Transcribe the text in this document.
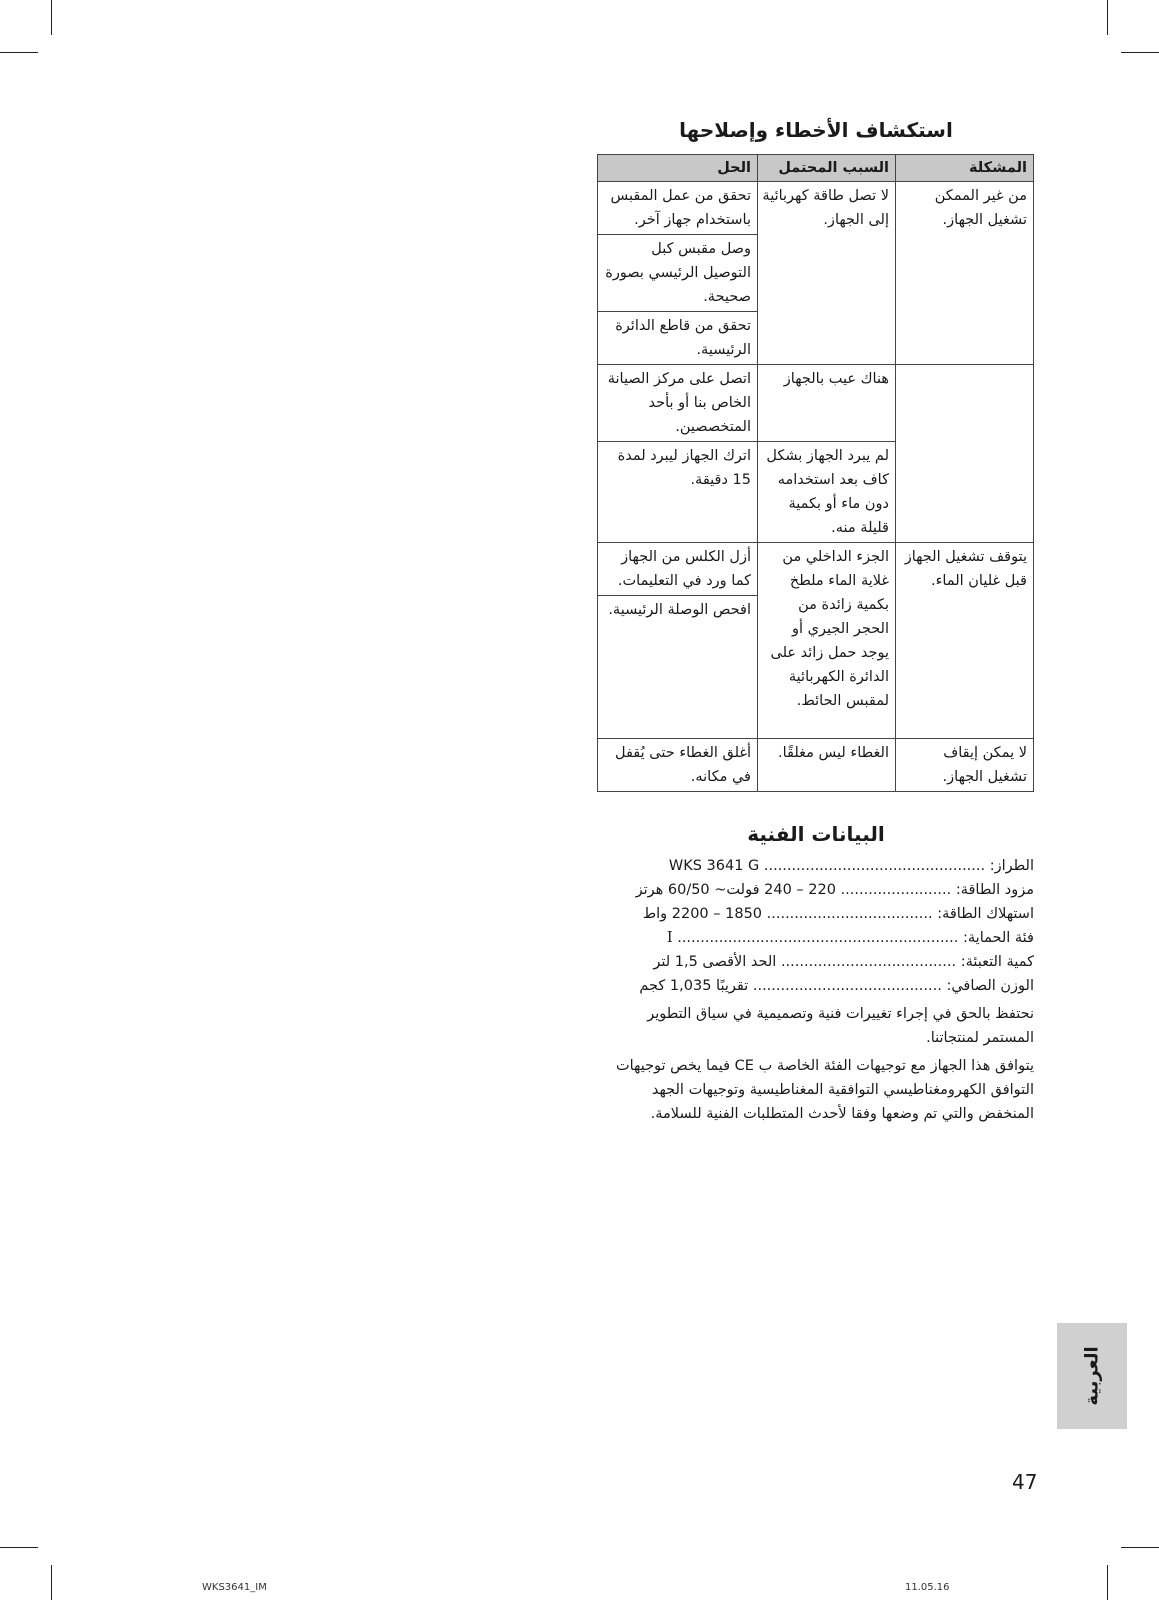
استكشاف الأخطاء وإصلاحها
المشكلة	السبب المحتمل	الحل
من غير الممكن تشغيل الجهاز.	لا تصل طاقة كهربائية إلى الجهاز.	تحقق من عمل المقبس باستخدام جهاز آخر.
		وصل مقبس كبل التوصيل الرئيسي بصورة صحيحة.
		تحقق من قاطع الدائرة الرئيسية.
	هناك عيب بالجهاز	اتصل على مركز الصيانة الخاص بنا أو بأحد المتخصصين.
	لم يبرد الجهاز بشكل كاف بعد استخدامه دون ماء أو بكمية قليلة منه.	اترك الجهاز ليبرد لمدة 15 دقيقة.
يتوقف تشغيل الجهاز قبل غليان الماء.	الجزء الداخلي من غلاية الماء ملطخ بكمية زائدة من الحجر الجيري أو يوجد حمل زائد على الدائرة الكهربائية لمقبس الحائط.	أزل الكلس من الجهاز كما ورد في التعليمات.
		افحص الوصلة الرئيسية.
لا يمكن إيقاف تشغيل الجهاز.	الغطاء ليس مغلقًا.	أغلق الغطاء حتى يُقفل في مكانه.
البيانات الفنية
الطراز: ................................................ WKS 3641 G
مزود الطاقة: ........................ 220 – 240 فولت~ 60/50 هرتز
استهلاك الطاقة: .................................... 1850 – 2200 واط
فئة الحماية: ............................................................. I
كمية التعبئة: ...................................... الحد الأقصى 1,5 لتر
الوزن الصافي: ......................................... تقريبًا 1,035 كجم

نحتفظ بالحق في إجراء تغييرات فنية وتصميمية في سياق التطوير المستمر لمنتجاتنا.

يتوافق هذا الجهاز مع توجيهات الفئة الخاصة ب CE فيما يخص توجيهات التوافق الكهرومغناطيسي التوافقية المغناطيسية وتوجيهات الجهد المنخفض والتي تم وضعها وفقا لأحدث المتطلبات الفنية للسلامة.

العربية
47
WKS3641_IM	11.05.16
